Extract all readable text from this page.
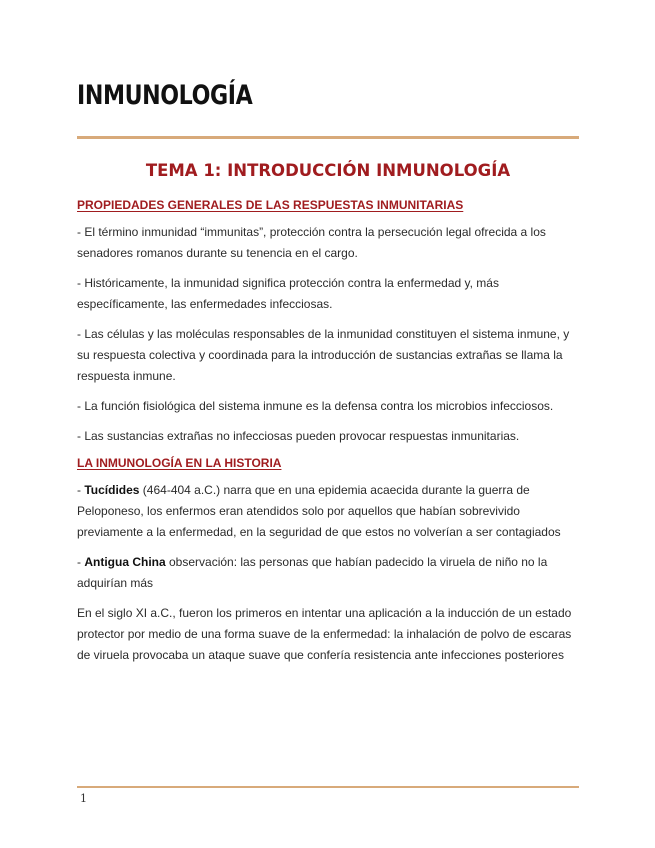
INMUNOLOGÍA
TEMA 1: INTRODUCCIÓN INMUNOLOGÍA
PROPIEDADES GENERALES DE LAS RESPUESTAS INMUNITARIAS

- El término inmunidad “immunitas”, protección contra la persecución legal ofrecida a los senadores romanos durante su tenencia en el cargo.

- Históricamente, la inmunidad significa protección contra la enfermedad y, más específicamente, las enfermedades infecciosas.

- Las células y las moléculas responsables de la inmunidad constituyen el sistema inmune, y su respuesta colectiva y coordinada para la introducción de sustancias extrañas se llama la respuesta inmune.

- La función fisiológica del sistema inmune es la defensa contra los microbios infecciosos.

- Las sustancias extrañas no infecciosas pueden provocar respuestas inmunitarias.

LA INMUNOLOGÍA EN LA HISTORIA

- Tucídides (464-404 a.C.) narra que en una epidemia acaecida durante la guerra de Peloponeso, los enfermos eran atendidos solo por aquellos que habían sobrevivido previamente a la enfermedad, en la seguridad de que estos no volverían a ser contagiados

- Antigua China observación: las personas que habían padecido la viruela de niño no la adquirían más

En el siglo XI a.C., fueron los primeros en intentar una aplicación a la inducción de un estado protector por medio de una forma suave de la enfermedad: la inhalación de polvo de escaras de viruela provocaba un ataque suave que confería resistencia ante infecciones posteriores

1
